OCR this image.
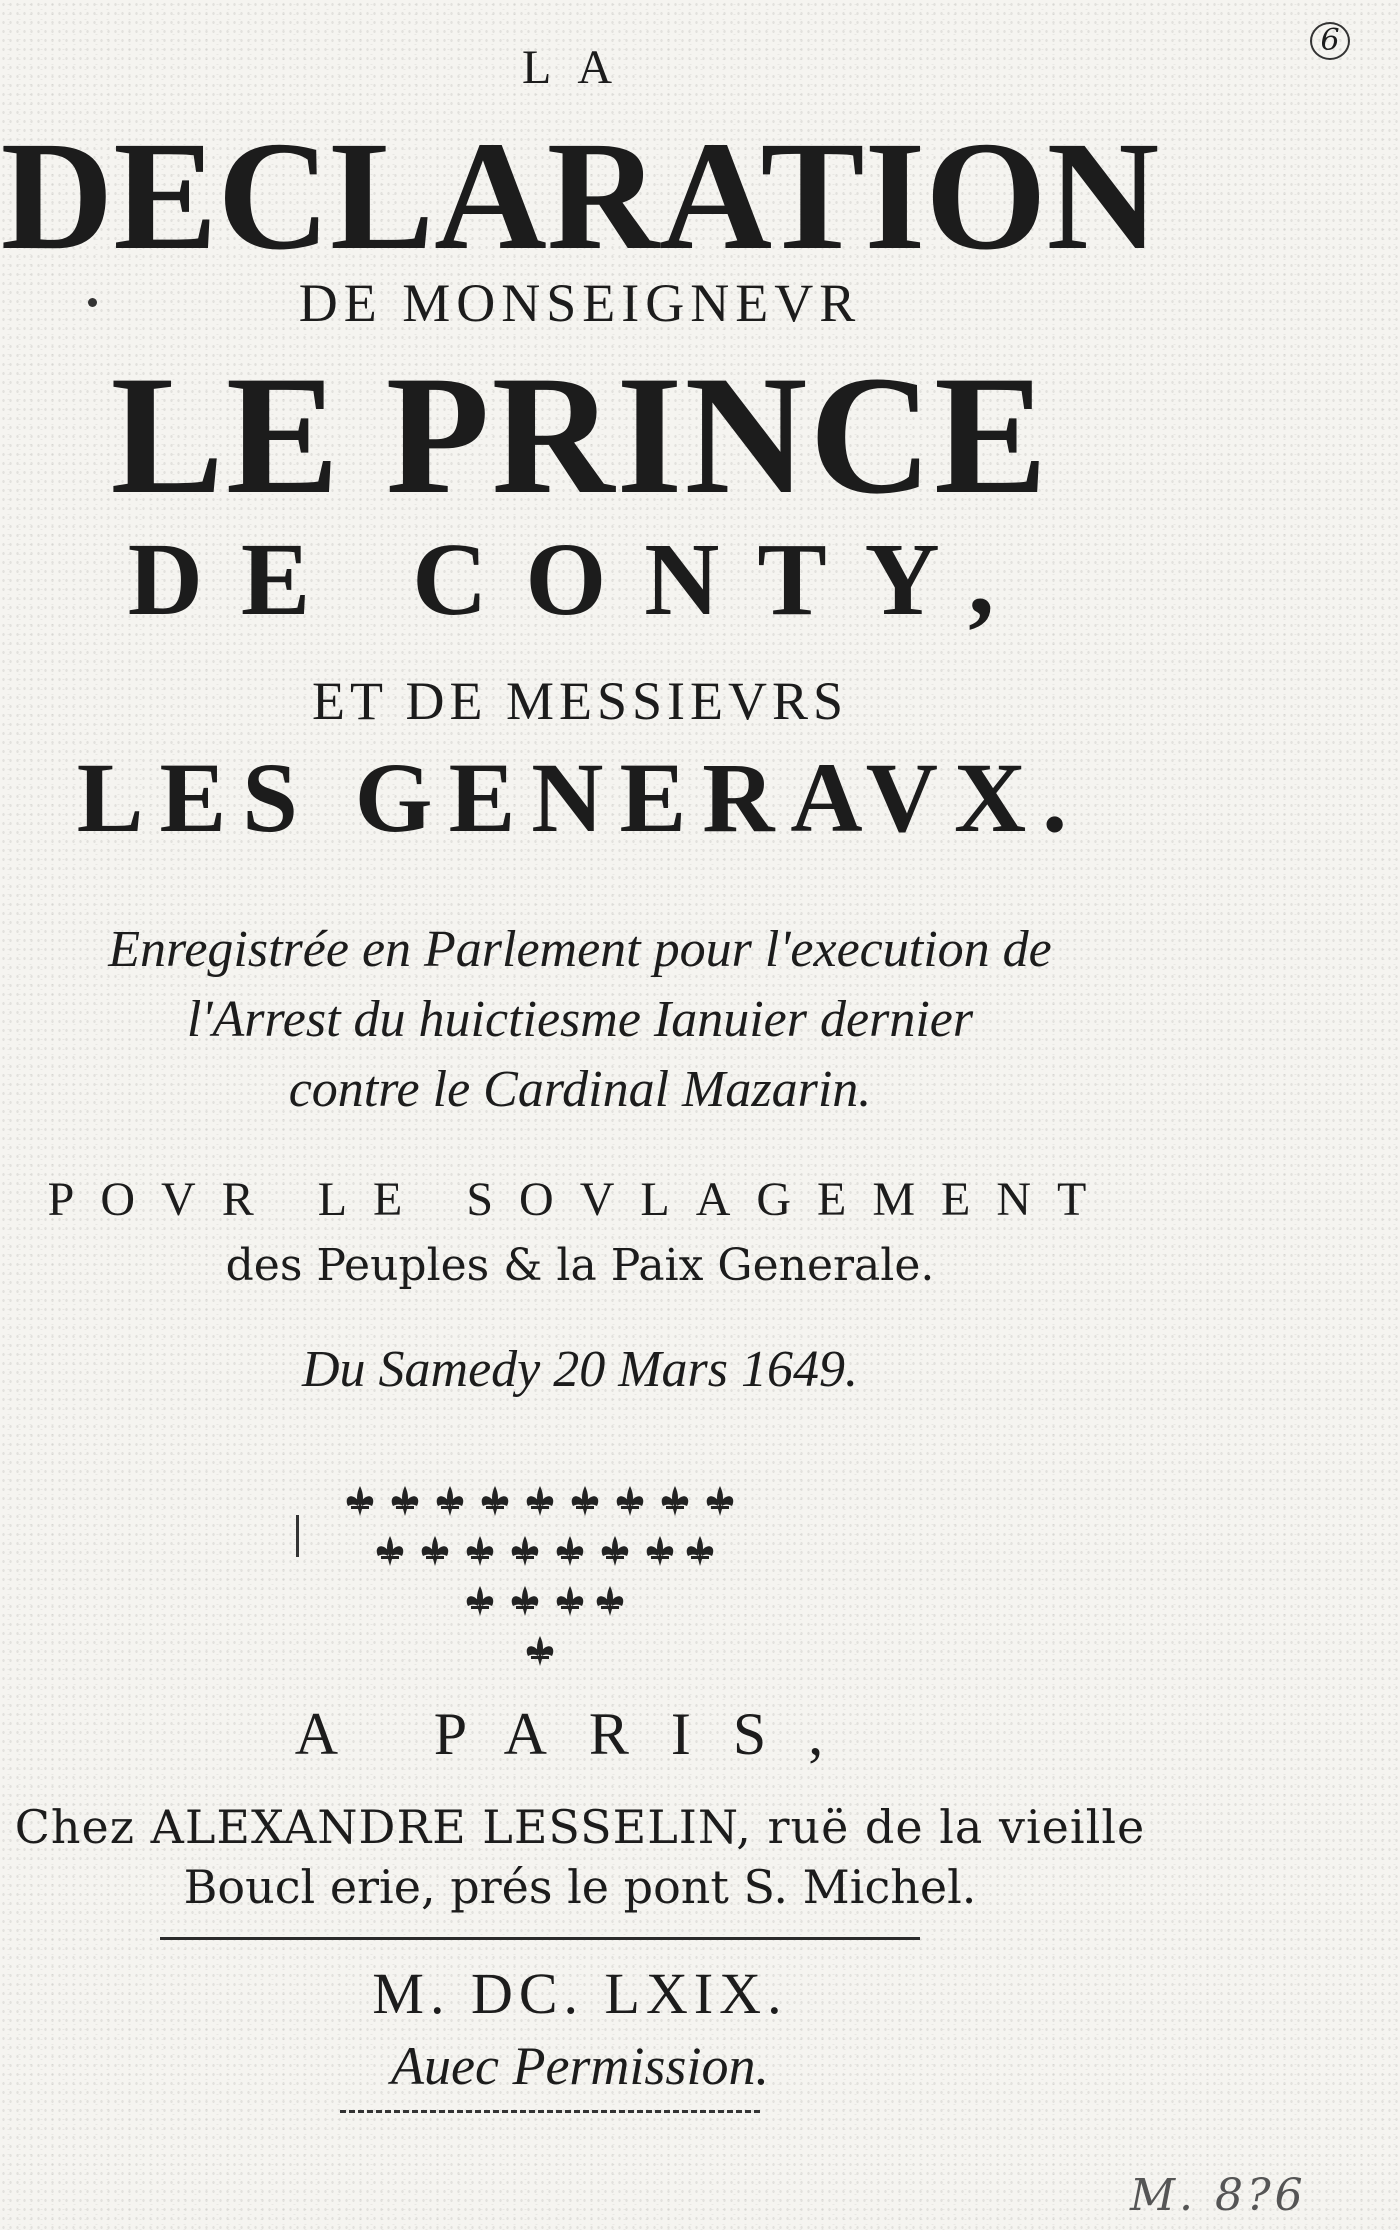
6
LA
DECLARATION
DE MONSEIGNEVR
LE PRINCE
DE CONTY,
ET DE MESSIEVRS
LES GENERAVX.
Enregistrée en Parlement pour l'execution de
l'Arrest du huictiesme Ianuier dernier
contre le Cardinal Mazarin.
POVR LE SOVLAGEMENT
des Peuples & la Paix Generale.
Du Samedy 20 Mars 1649.
A PARIS,
Chez ALEXANDRE LESSELIN, ruë de la vieille
Boucl erie, prés le pont S. Michel.
M. DC. LXIX.
Auec Permission.
M. 8?6
